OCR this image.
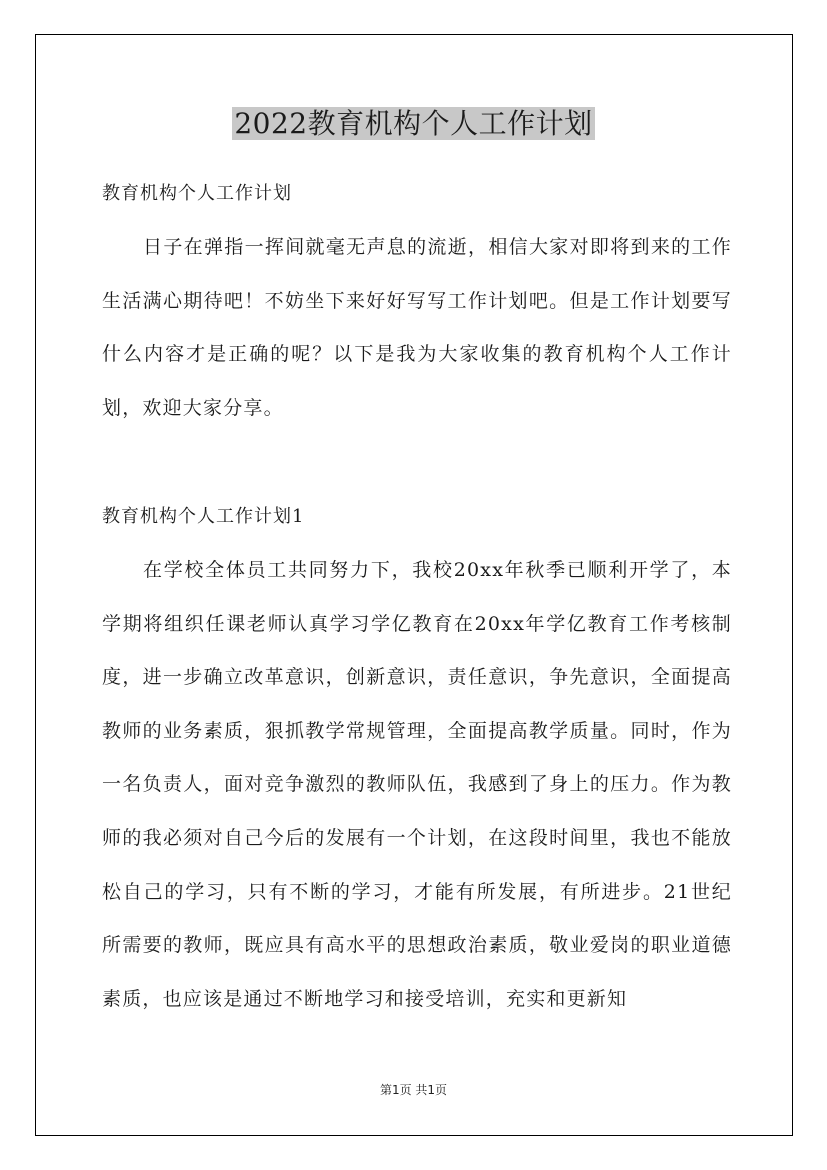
2022教育机构个人工作计划

教育机构个人工作计划

日子在弹指一挥间就毫无声息的流逝，相信大家对即将到来的工作生活满心期待吧！不妨坐下来好好写写工作计划吧。但是工作计划要写什么内容才是正确的呢？以下是我为大家收集的教育机构个人工作计划，欢迎大家分享。

教育机构个人工作计划1

在学校全体员工共同努力下，我校20xx年秋季已顺利开学了，本学期将组织任课老师认真学习学亿教育在20xx年学亿教育工作考核制度，进一步确立改革意识，创新意识，责任意识，争先意识，全面提高教师的业务素质，狠抓教学常规管理，全面提高教学质量。同时，作为一名负责人，面对竞争激烈的教师队伍，我感到了身上的压力。作为教师的我必须对自己今后的发展有一个计划，在这段时间里，我也不能放松自己的学习，只有不断的学习，才能有所发展，有所进步。21世纪所需要的教师，既应具有高水平的思想政治素质，敬业爱岗的职业道德素质，也应该是通过不断地学习和接受培训，充实和更新知

第1页 共1页
